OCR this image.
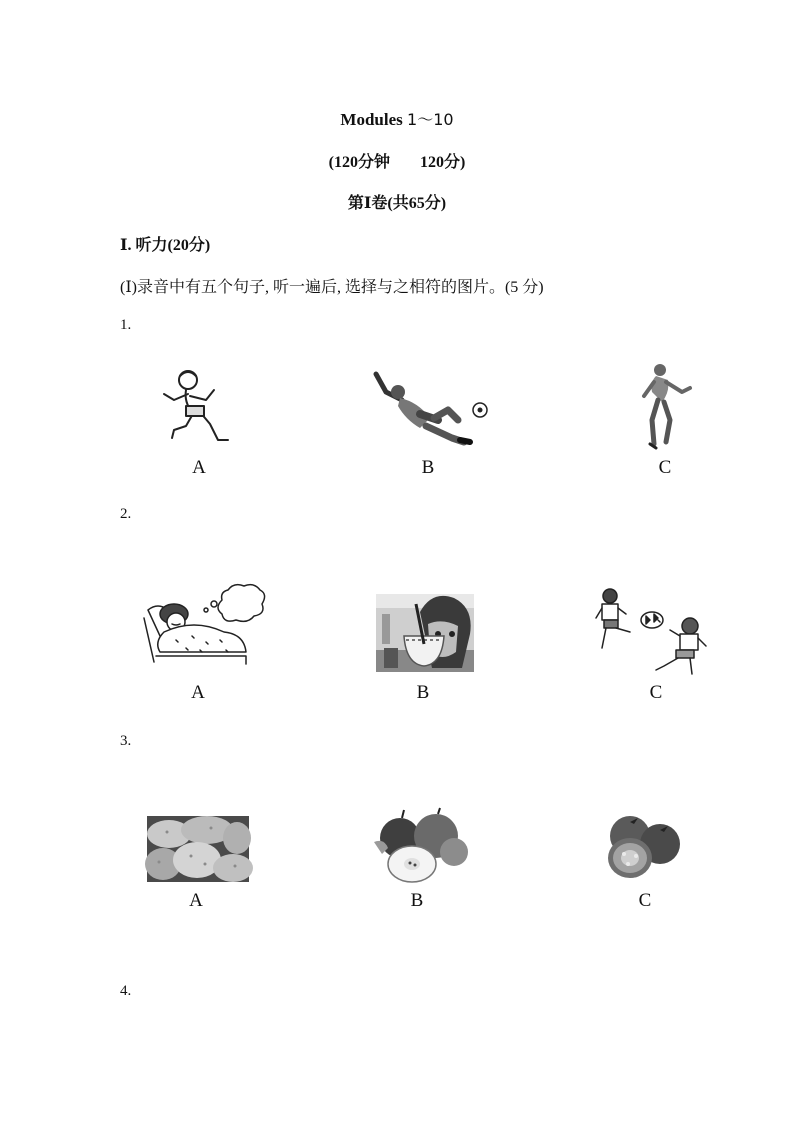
Modules 1～10
(120分钟 120分)
第Ⅰ卷(共65分)
Ⅰ. 听力(20分)
(Ⅰ)录音中有五个句子, 听一遍后, 选择与之相符的图片。(5 分)
1.
2.
3.
4.
A	B	C
A	B	C
A	B	C
